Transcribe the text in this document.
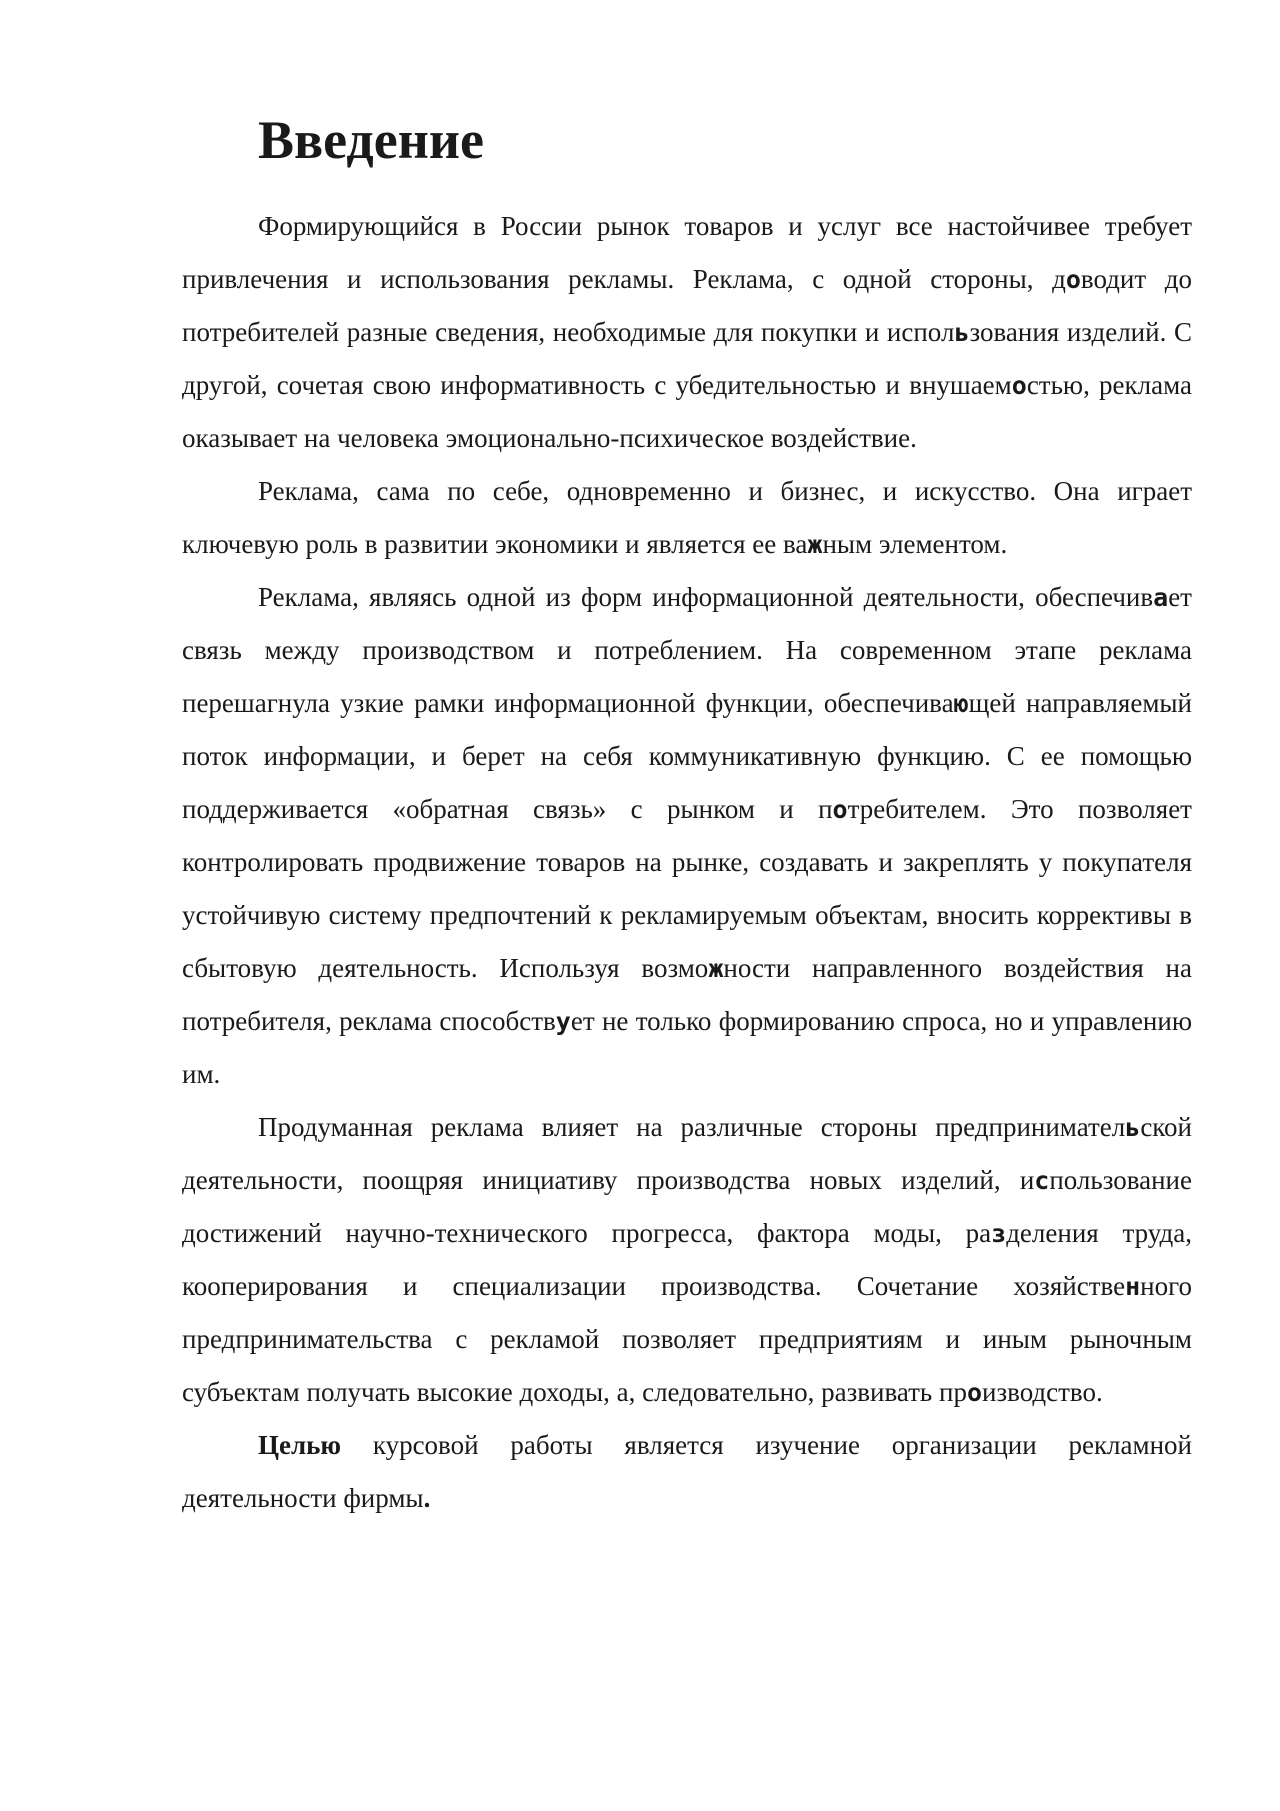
Введение

Формирующийся в России рынок товаров и услуг все настойчивее требует привлечения и использования рекламы. Реклама, с одной стороны, доводит до потребителей разные сведения, необходимые для покупки и использования изделий. С другой, сочетая свою информативность с убедительностью и внушаемостью, реклама оказывает на человека эмоционально-психическое воздействие.

Реклама, сама по себе, одновременно и бизнес, и искусство. Она играет ключевую роль в развитии экономики и является ее важным элементом.

Реклама, являясь одной из форм информационной деятельности, обеспечивает связь между производством и потреблением. На современном этапе реклама перешагнула узкие рамки информационной функции, обеспечивающей направляемый поток информации, и берет на себя коммуникативную функцию. С ее помощью поддерживается «обратная связь» с рынком и потребителем. Это позволяет контролировать продвижение товаров на рынке, создавать и закреплять у покупателя устойчивую систему предпочтений к рекламируемым объектам, вносить коррективы в сбытовую деятельность. Используя возможности направленного воздействия на потребителя, реклама способствует не только формированию спроса, но и управлению им.

Продуманная реклама влияет на различные стороны предпринимательской деятельности, поощряя инициативу производства новых изделий, использование достижений научно-технического прогресса, фактора моды, разделения труда, кооперирования и специализации производства. Сочетание хозяйственного предпринимательства с рекламой позволяет предприятиям и иным рыночным субъектам получать высокие доходы, а, следовательно, развивать производство.

Целью курсовой работы является изучение организации рекламной деятельности фирмы.
